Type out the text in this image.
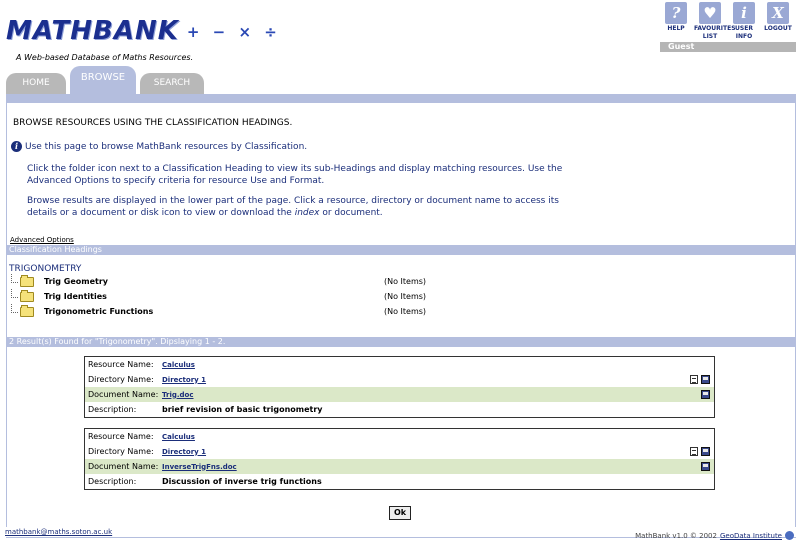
MATHBANK + − × ÷
A Web-based Database of Maths Resources.
?
HELP
♥
FAVOURITES
LIST
i
USER
INFO
X
LOGOUT
Guest
HOME	BROWSE	SEARCH
BROWSE RESOURCES USING THE CLASSIFICATION HEADINGS.
i Use this page to browse MathBank resources by Classification.
Click the folder icon next to a Classification Heading to view its sub-Headings and display matching resources. Use the Advanced Options to specify criteria for resource Use and Format.
Browse results are displayed in the lower part of the page. Click a resource, directory or document name to access its details or a document or disk icon to view or download the index or document.
Advanced Options
Classification Headings
TRIGONOMETRY
Trig Geometry	(No Items)
Trig Identities	(No Items)
Trigonometric Functions	(No Items)
2 Result(s) Found for "Trigonometry". Dipslaying 1 - 2.
Resource Name:	Calculus
Directory Name:	Directory 1
Document Name: Trig.doc
Description:	brief revision of basic trigonometry
Resource Name:	Calculus
Directory Name:	Directory 1
Document Name: InverseTrigFns.doc
Description:	Discussion of inverse trig functions
Ok
mathbank@maths.soton.ac.uk	MathBank v1.0 © 2002 GeoData Institute
